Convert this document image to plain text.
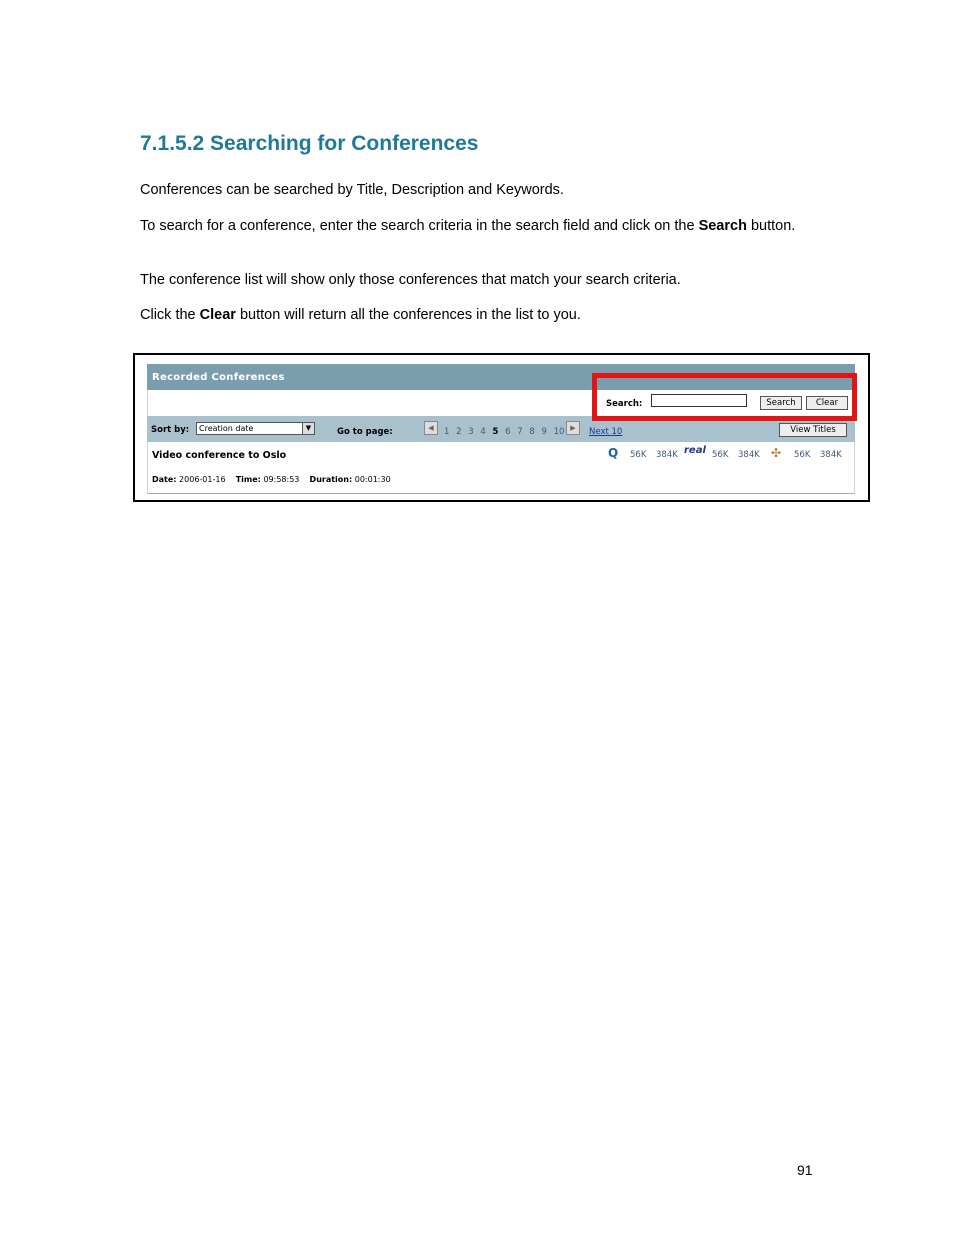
7.1.5.2 Searching for Conferences

Conferences can be searched by Title, Description and Keywords.

To search for a conference, enter the search criteria in the search field and click on the Search button.

The conference list will show only those conferences that match your search criteria.

Click the Clear button will return all the conferences in the list to you.

Recorded Conferences
Search:	Search	Clear
Sort by:	Creation date	▼	Go to page:	◀	1 2 3 4 5 6 7 8 9 10 ▶	Next 10	View Titles
Video conference to Oslo	Q 56K 384K real 56K 384K ✣ 56K 384K
Date: 2006-01-16 Time: 09:58:53 Duration: 00:01:30
91
